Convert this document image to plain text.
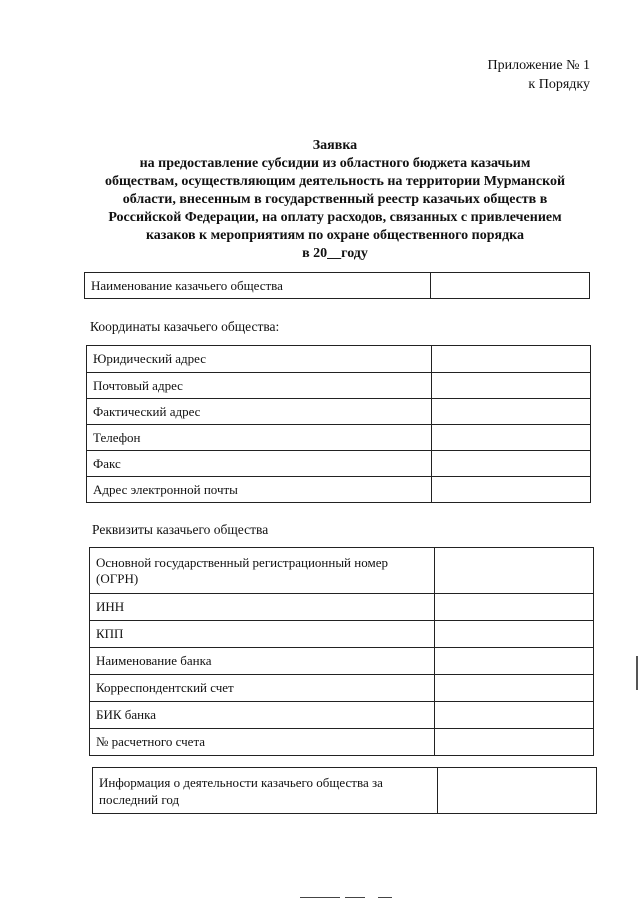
Приложение № 1
к Порядку
Заявка
на предоставление субсидии из областного бюджета казачьим
обществам, осуществляющим деятельность на территории Мурманской
области, внесенным в государственный реестр казачьих обществ в
Российской Федерации, на оплату расходов, связанных с привлечением
казаков к мероприятиям по охране общественного порядка
в 20__году
Наименование казачьего общества	
Координаты казачьего общества:
Юридический адрес	
Почтовый адрес	
Фактический адрес	
Телефон	
Факс	
Адрес электронной почты	
Реквизиты казачьего общества
Основной государственный регистрационный номер (ОГРН)	
ИНН	
КПП	
Наименование банка	
Корреспондентский счет	
БИК банка	
№ расчетного счета	
Информация о деятельности казачьего общества за последний год	
